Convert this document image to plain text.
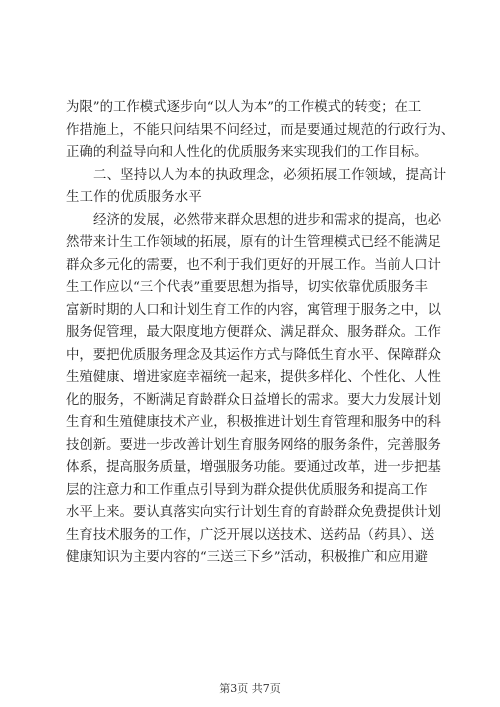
为限”的工作模式逐步向“以人为本”的工作模式的转变；在工
作措施上，不能只问结果不问经过，而是要通过规范的行政行为、
正确的利益导向和人性化的优质服务来实现我们的工作目标。

二、坚持以人为本的执政理念，必须拓展工作领域，提高计
生工作的优质服务水平

经济的发展，必然带来群众思想的进步和需求的提高，也必
然带来计生工作领域的拓展，原有的计生管理模式已经不能满足
群众多元化的需要，也不利于我们更好的开展工作。当前人口计
生工作应以“三个代表”重要思想为指导，切实依靠优质服务丰
富新时期的人口和计划生育工作的内容，寓管理于服务之中，以
服务促管理，最大限度地方便群众、满足群众、服务群众。工作
中，要把优质服务理念及其运作方式与降低生育水平、保障群众
生殖健康、增进家庭幸福统一起来，提供多样化、个性化、人性
化的服务，不断满足育龄群众日益增长的需求。要大力发展计划
生育和生殖健康技术产业，积极推进计划生育管理和服务中的科
技创新。要进一步改善计划生育服务网络的服务条件，完善服务
体系，提高服务质量，增强服务功能。要通过改革，进一步把基
层的注意力和工作重点引导到为群众提供优质服务和提高工作
水平上来。要认真落实向实行计划生育的育龄群众免费提供计划
生育技术服务的工作，广泛开展以送技术、送药品（药具）、送
健康知识为主要内容的“三送三下乡”活动，积极推广和应用避

第3页 共7页
